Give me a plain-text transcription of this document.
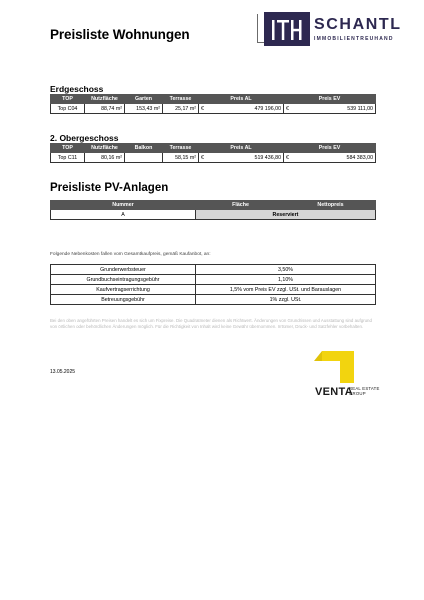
Preisliste Wohnungen
SCHANTL
IMMOBILIENTREUHAND
Erdgeschoss
TOP	Nutzfläche	Garten	Terrasse	Preis AL		Preis EV	
Top C04	88,74 m²	153,43 m²	25,17 m²	€	479 196,00	€	539 111,00
2. Obergeschoss
TOP	Nutzfläche	Balkon	Terrasse	Preis AL		Preis EV	
Top C11	80,16 m²		58,15 m²	€	519 436,80	€	584 383,00
Preisliste PV-Anlagen
Nummer	Fläche	Nettopreis
A	Reserviert	
Folgende Nebenkosten fallen vom Gesamtkaufpreis, gemäß Kaufanbot, an:
Grunderwerbsteuer	3,50%
Grundbuchseintragungsgebühr	1,10%
Kaufvertragserrichtung	1,5% vom Preis EV zzgl. USt. und Barauslagen
Betreuungsgebühr	1% zzgl. USt.
Bei den oben angeführten Preisen handelt es sich um Fixpreise. Die Quadratmeter dienen als Richtwert. Änderungen von Grundrissen und Ausstattung sind aufgrund von örtlichen oder behördlichen Änderungen möglich. Für die Richtigkeit von Inhalt wird keine Gewähr übernommen. Irrtümer, Druck- und Satzfehler vorbehalten.
13.05.2025
VENTA
REAL ESTATE
GROUP
